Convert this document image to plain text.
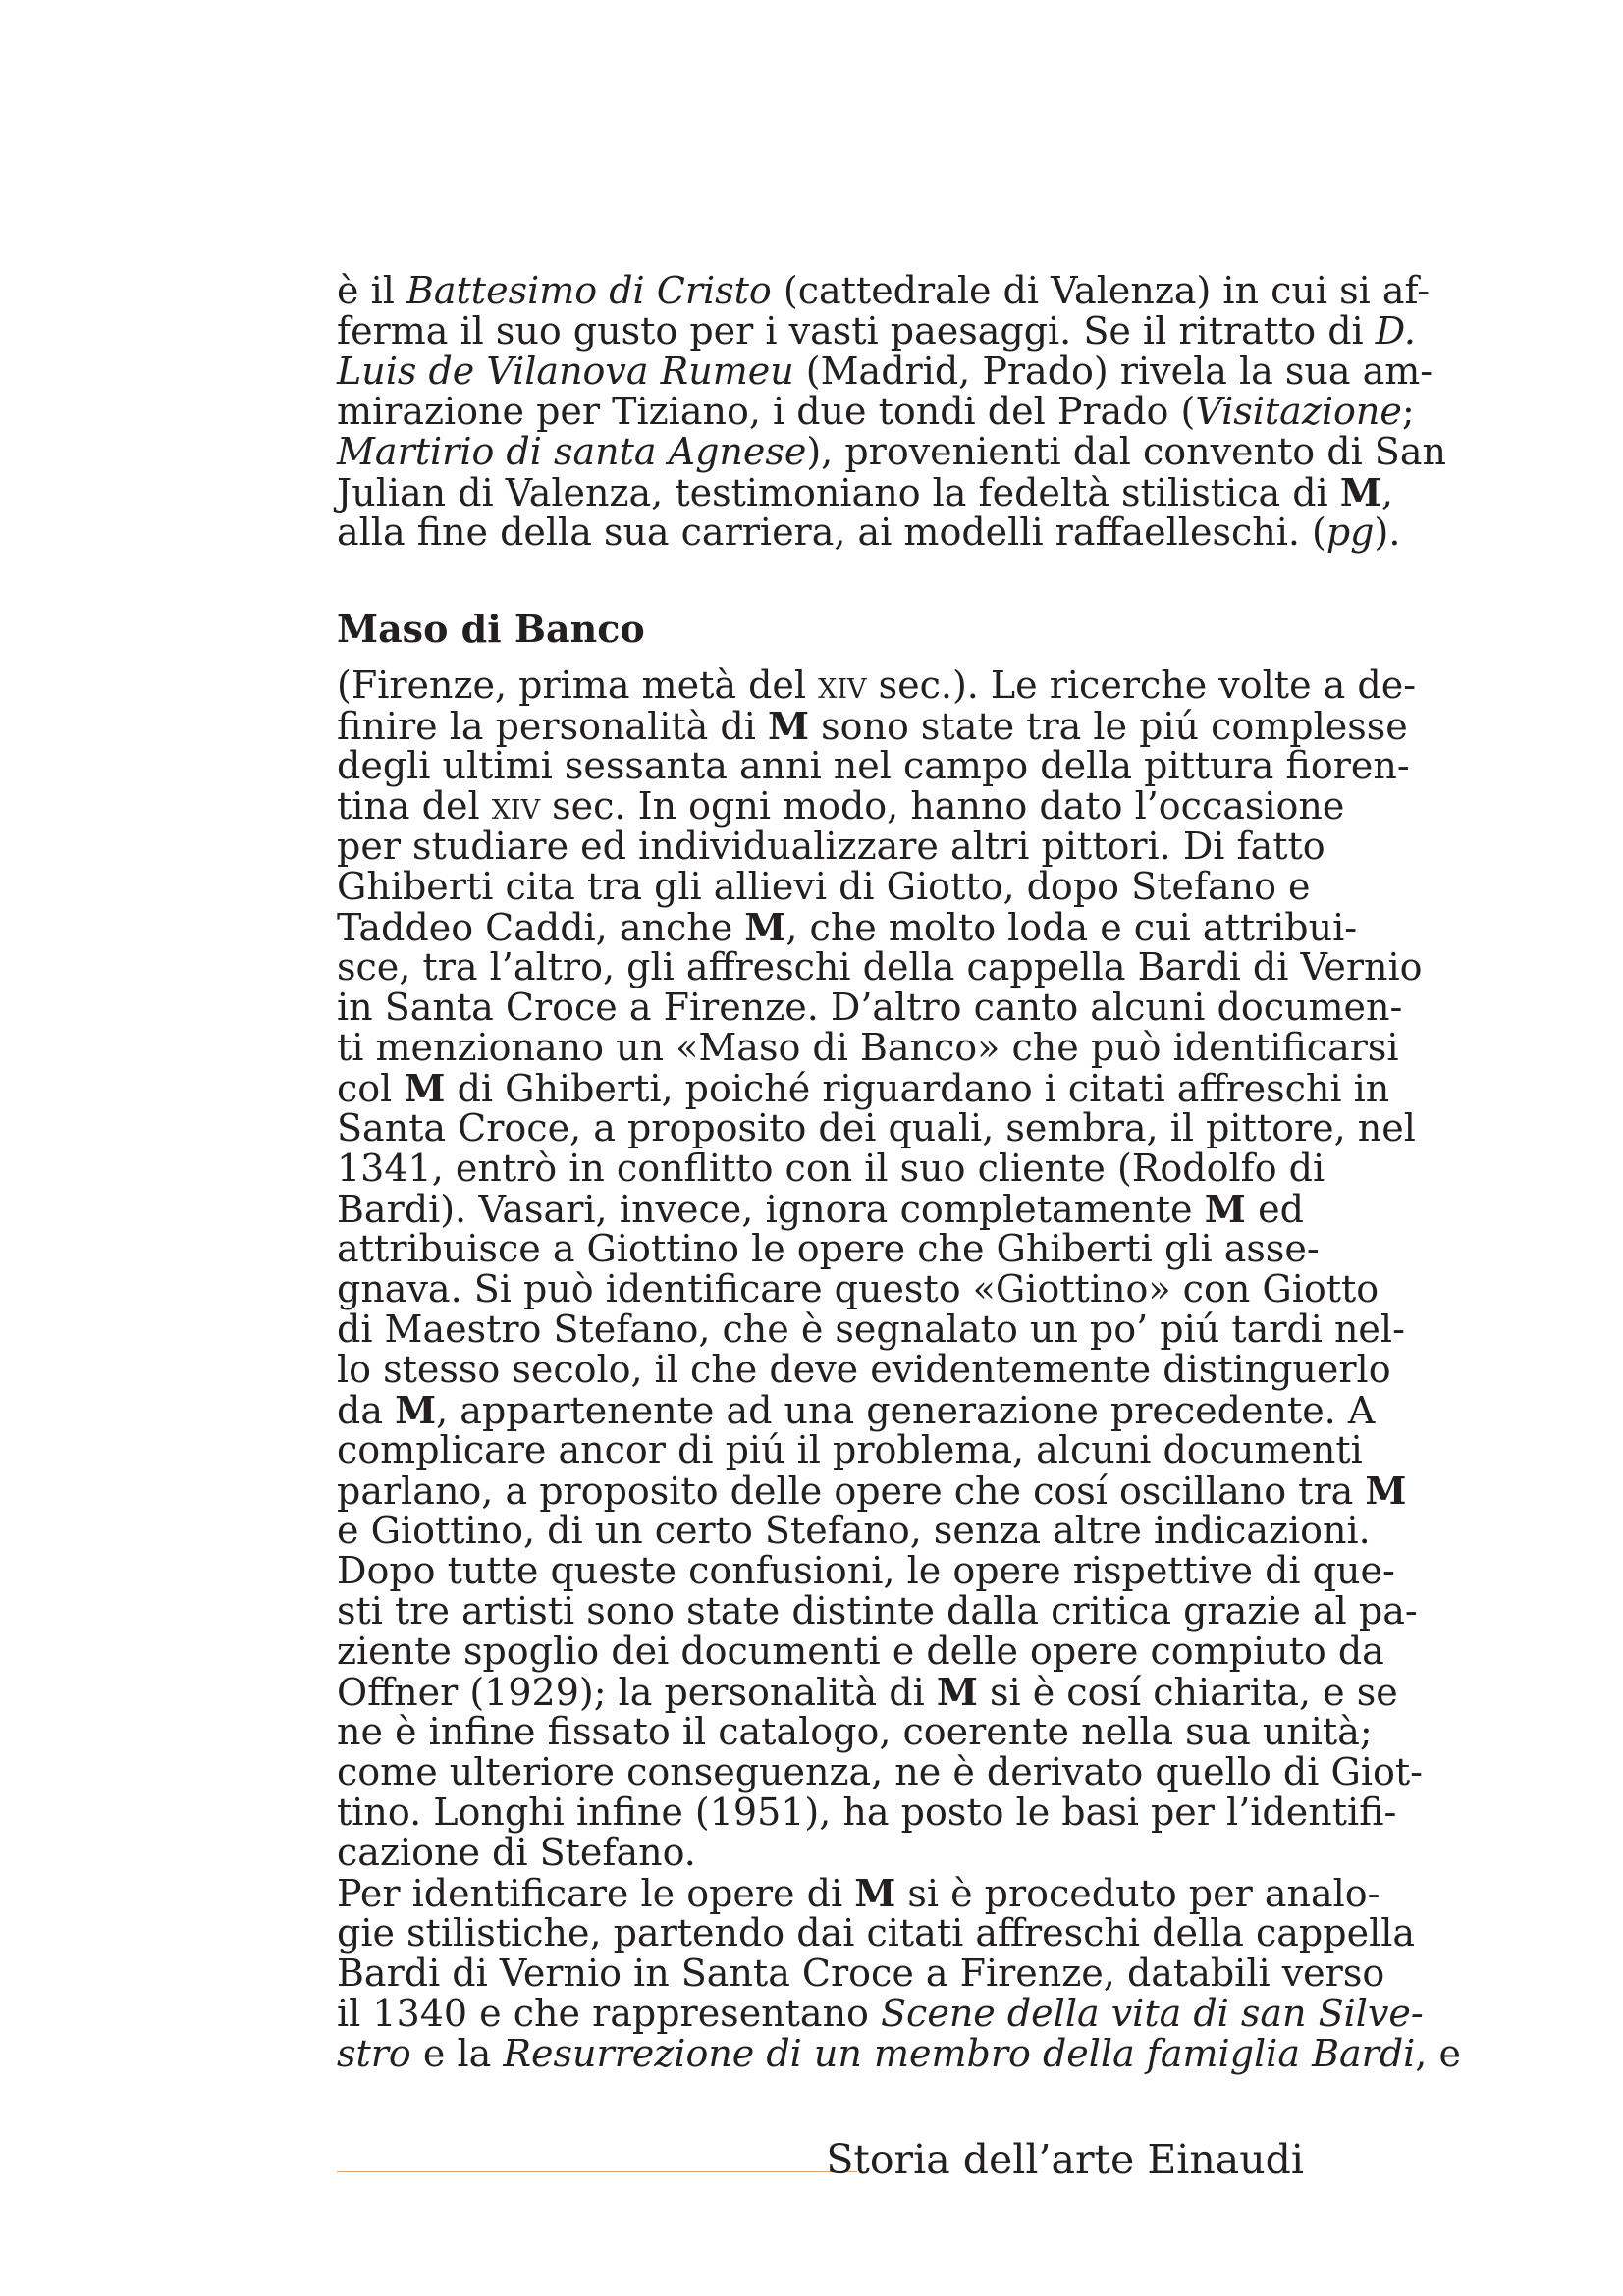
è il Battesimo di Cristo (cattedrale di Valenza) in cui si af-
ferma il suo gusto per i vasti paesaggi. Se il ritratto di D.
Luis de Vilanova Rumeu (Madrid, Prado) rivela la sua am-
mirazione per Tiziano, i due tondi del Prado (Visitazione;
Martirio di santa Agnese), provenienti dal convento di San
Julian di Valenza, testimoniano la fedeltà stilistica di M,
alla fine della sua carriera, ai modelli raffaelleschi. (pg).
Maso di Banco
(Firenze, prima metà del xiv sec.). Le ricerche volte a de-
finire la personalità di M sono state tra le piú complesse
degli ultimi sessanta anni nel campo della pittura fioren-
tina del xiv sec. In ogni modo, hanno dato l’occasione
per studiare ed individualizzare altri pittori. Di fatto
Ghiberti cita tra gli allievi di Giotto, dopo Stefano e
Taddeo Caddi, anche M, che molto loda e cui attribui-
sce, tra l’altro, gli affreschi della cappella Bardi di Vernio
in Santa Croce a Firenze. D’altro canto alcuni documen-
ti menzionano un «Maso di Banco» che può identificarsi
col M di Ghiberti, poiché riguardano i citati affreschi in
Santa Croce, a proposito dei quali, sembra, il pittore, nel
1341, entrò in conflitto con il suo cliente (Rodolfo di
Bardi). Vasari, invece, ignora completamente M ed
attribuisce a Giottino le opere che Ghiberti gli asse-
gnava. Si può identificare questo «Giottino» con Giotto
di Maestro Stefano, che è segnalato un po’ piú tardi nel-
lo stesso secolo, il che deve evidentemente distinguerlo
da M, appartenente ad una generazione precedente. A
complicare ancor di piú il problema, alcuni documenti
parlano, a proposito delle opere che cosí oscillano tra M
e Giottino, di un certo Stefano, senza altre indicazioni.
Dopo tutte queste confusioni, le opere rispettive di que-
sti tre artisti sono state distinte dalla critica grazie al pa-
ziente spoglio dei documenti e delle opere compiuto da
Offner (1929); la personalità di M si è cosí chiarita, e se
ne è infine fissato il catalogo, coerente nella sua unità;
come ulteriore conseguenza, ne è derivato quello di Giot-
tino. Longhi infine (1951), ha posto le basi per l’identifi-
cazione di Stefano.
Per identificare le opere di M si è proceduto per analo-
gie stilistiche, partendo dai citati affreschi della cappella
Bardi di Vernio in Santa Croce a Firenze, databili verso
il 1340 e che rappresentano Scene della vita di san Silve-
stro e la Resurrezione di un membro della famiglia Bardi, e
Storia dell’arte Einaudi
